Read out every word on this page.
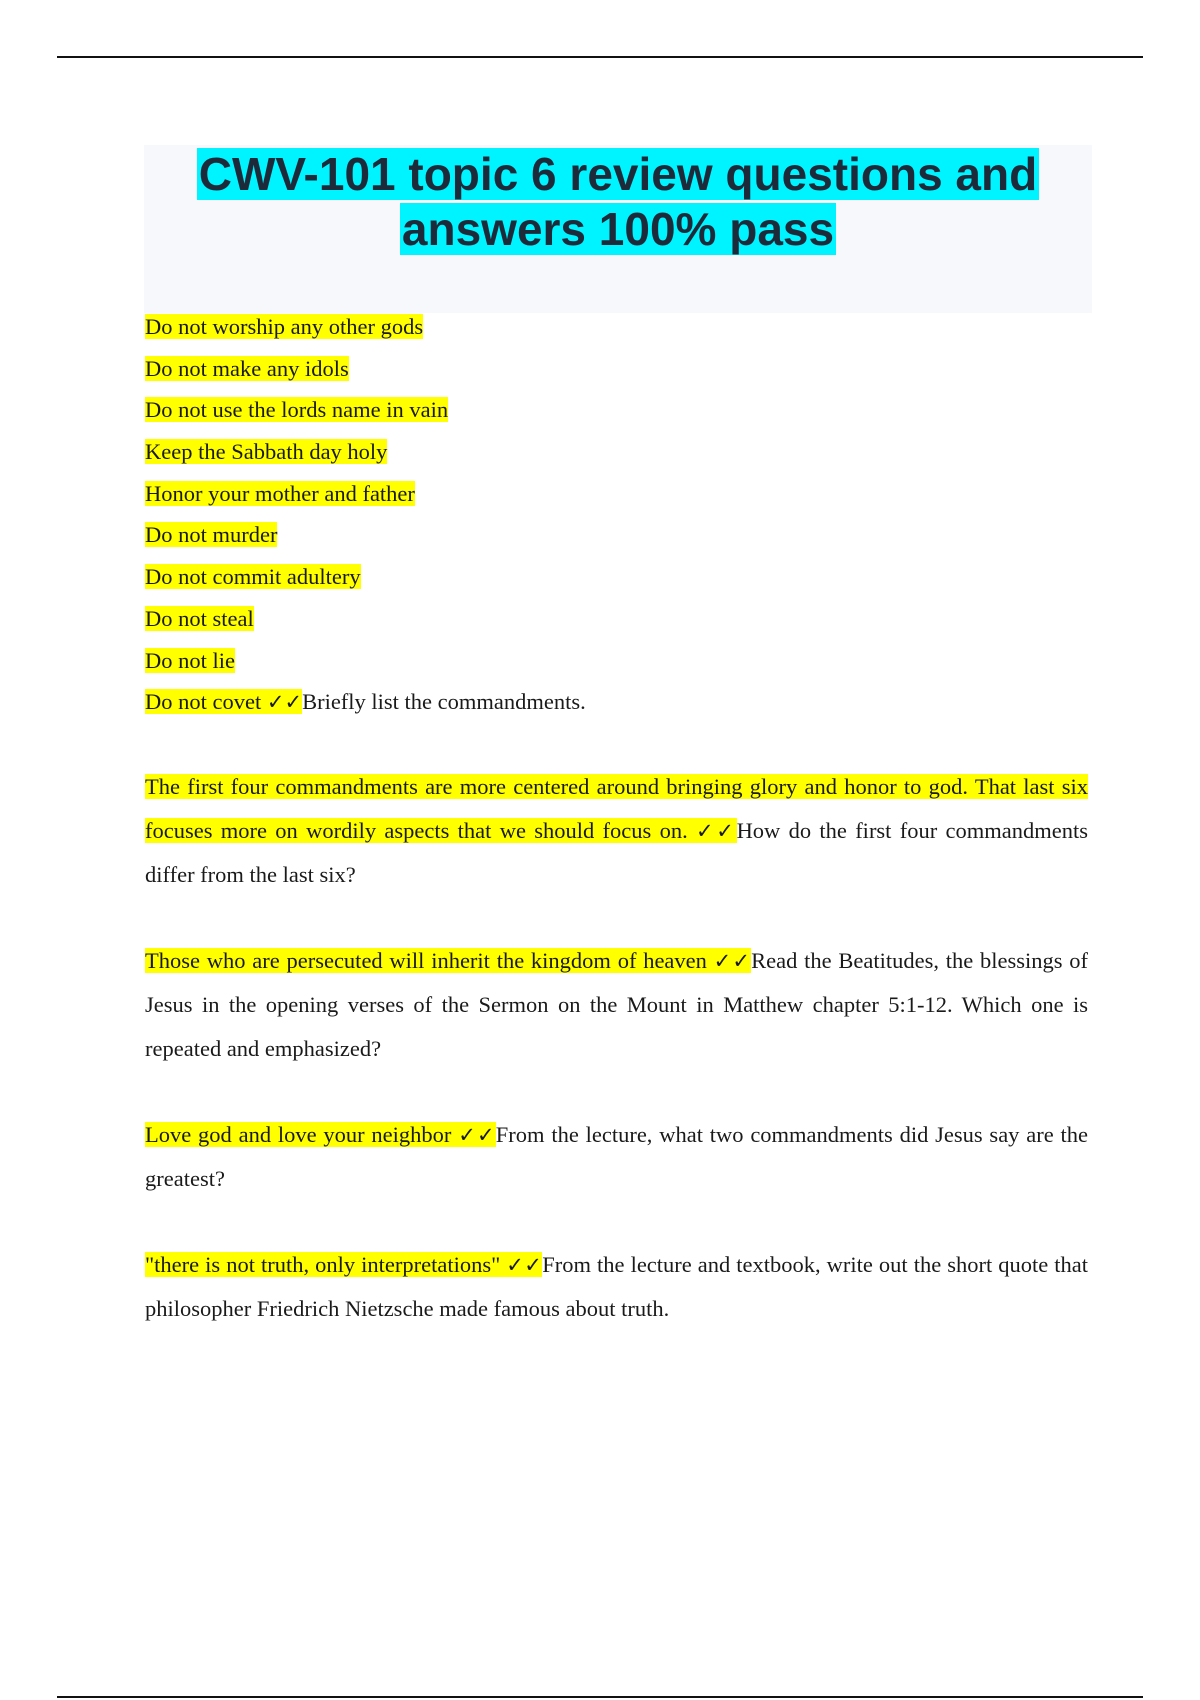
CWV-101 topic 6 review questions and
answers 100% pass
Do not worship any other gods
Do not make any idols
Do not use the lords name in vain
Keep the Sabbath day holy
Honor your mother and father
Do not murder
Do not commit adultery
Do not steal
Do not lie
Do not covet ✓✓Briefly list the commandments.

The first four commandments are more centered around bringing glory and honor to god. That last six focuses more on wordily aspects that we should focus on. ✓✓How do the first four commandments differ from the last six?

Those who are persecuted will inherit the kingdom of heaven ✓✓Read the Beatitudes, the blessings of Jesus in the opening verses of the Sermon on the Mount in Matthew chapter 5:1-12. Which one is repeated and emphasized?

Love god and love your neighbor ✓✓From the lecture, what two commandments did Jesus say are the greatest?

"there is not truth, only interpretations" ✓✓From the lecture and textbook, write out the short quote that philosopher Friedrich Nietzsche made famous about truth.
